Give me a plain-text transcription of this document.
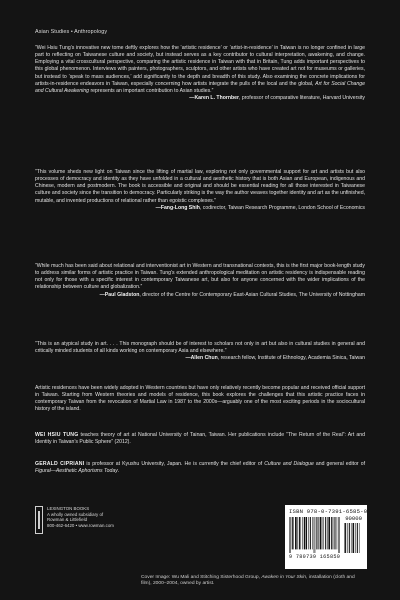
Asian Studies • Anthropology

“Wei Hsiu Tung’s innovative new tome deftly explores how the ‘artistic residence’ or ‘artist-in-residence’ in Taiwan is no longer confined in large part to reflecting on Taiwanese culture and society, but instead serves as a key contributor to cultural interpretation, awakening, and change. Employing a vital crosscultural perspective, comparing the artistic residence in Taiwan with that in Britain, Tung adds important perspectives to this global phenomenon. Interviews with painters, photographers, sculptors, and other artists who have created art not for museums or galleries, but instead to ‘speak to mass audiences,’ add significantly to the depth and breadth of this study. Also examining the concrete implications for artists-in-residence endeavors in Taiwan, especially concerning how artists integrate the pulls of the local and the global, Art for Social Change and Cultural Awakening represents an important contribution to Asian studies.”

—Karen L. Thornber, professor of comparative literature, Harvard University

“This volume sheds new light on Taiwan since the lifting of martial law, exploring not only governmental support for art and artists but also processes of democracy and identity as they have unfolded in a cultural and aesthetic history that is both Asian and European, indigenous and Chinese, modern and postmodern. The book is accessible and original and should be essential reading for all those interested in Taiwanese culture and society since the transition to democracy. Particularly striking is the way the author weaves together identity and art as the unfinished, mutable, and invented productions of relational rather than egoistic complexes.”

—Fang-Long Shih, codirector, Taiwan Research Programme, London School of Economics

“While much has been said about relational and interventionist art in Western and transnational contexts, this is the first major book-length study to address similar forms of artistic practice in Taiwan. Tung’s extended anthropological meditation on artistic residency is indispensable reading not only for those with a specific interest in contemporary Taiwanese art, but also for anyone concerned with the wider implications of the relationship between culture and globalization.”

—Paul Gladston, director of the Centre for Contemporary East-Asian Cultural Studies, The University of Nottingham

“This is an atypical study in art. . . . This monograph should be of interest to scholars not only in art but also in cultural studies in general and critically minded students of all kinds working on contemporary Asia and elsewhere.”

—Allen Chun, research fellow, Institute of Ethnology, Academia Sinica, Taiwan

Artistic residences have been widely adopted in Western countries but have only relatively recently become popular and received official support in Taiwan. Starting from Western theories and models of residence, this book explores the challenges that this artistic practice faces in contemporary Taiwan from the revocation of Martial Law in 1987 to the 2000s—arguably one of the most exciting periods in the sociocultural history of the island.

WEI HSIU TUNG teaches theory of art at National University of Tainan, Taiwan. Her publications include “The Return of the Real”: Art and Identity in Taiwan’s Public Sphere” (2012).

GERALD CIPRIANI is professor at Kyushu University, Japan. He is currently the chief editor of Culture and Dialogue and general editor of Figural—Aesthetic Aphorisms Today.

LEXINGTON BOOKS
A wholly owned subsidiary of
Rowman & Littlefield
800-462-6420 • www.rowman.com
ISBN 978-0-7391-6585-0
90000
9 780739 165850
Cover Image: Wu Mali and Stitching Sisterhood Group, Awaken in Your Skin, installation (cloth and film), 2000–2004, owned by artist.
